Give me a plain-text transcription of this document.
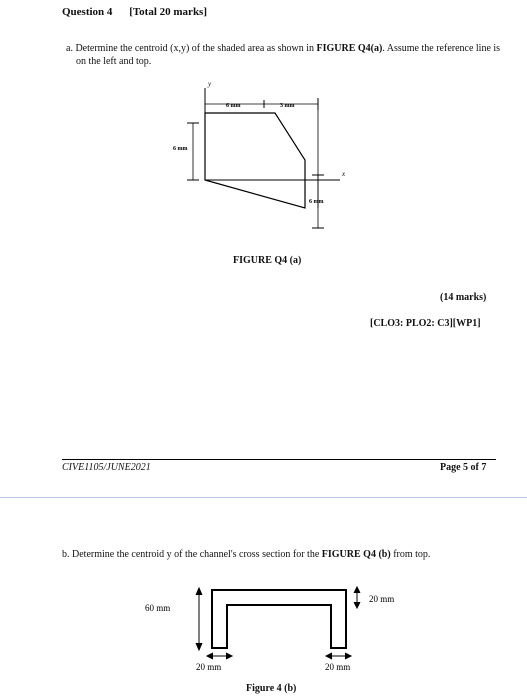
Question 4 [Total 20 marks]
a. Determine the centroid (x,y) of the shaded area as shown in FIGURE Q4(a). Assume the reference line is on the left and top.
y
x
6 mm	3 mm
6 mm
6 mm
FIGURE Q4 (a)
(14 marks)
[CLO3: PLO2: C3][WP1]
CIVE1105/JUNE2021	Page 5 of 7
b. Determine the centroid y of the channel's cross section for the FIGURE Q4 (b) from top.
60 mm
20 mm
20 mm	20 mm
Figure 4 (b)
